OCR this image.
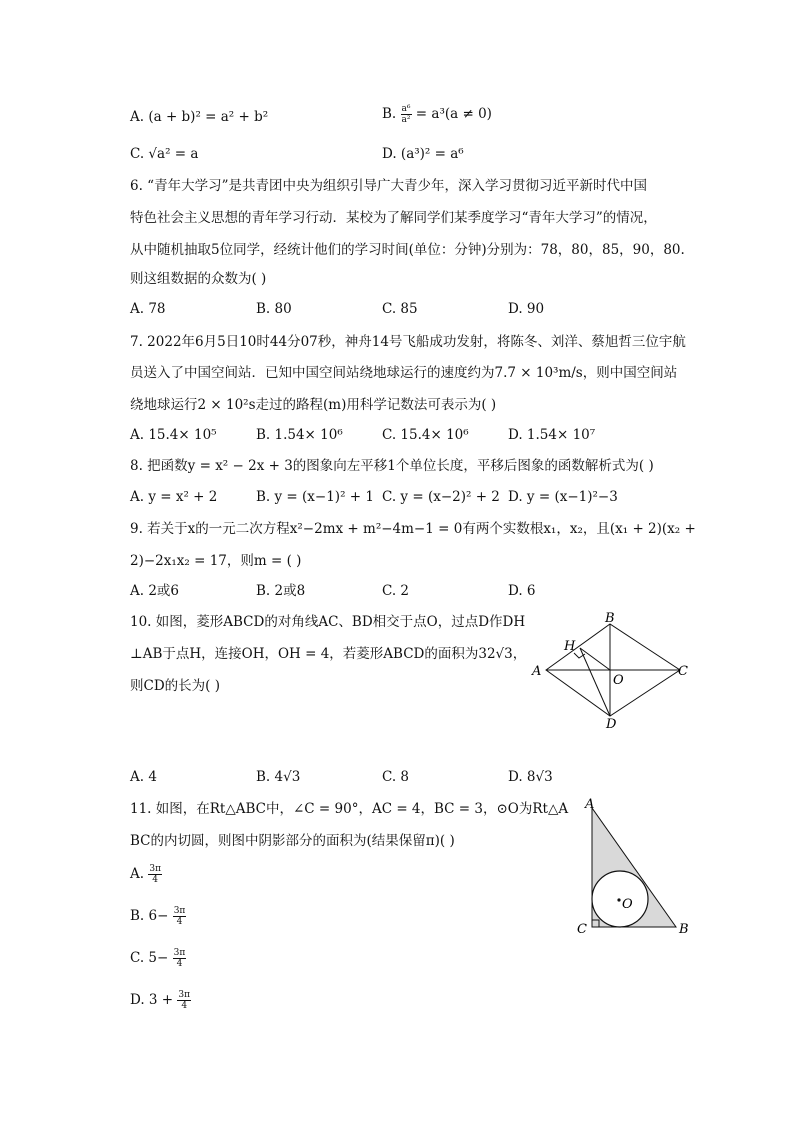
A. (a + b)² = a² + b²	B. $\frac{\text{a⁶}}{\text{a²}} = a^3(a \ne 0)$
C. √a² = a	D. (a³)² = a⁶
6. “青年大学习”是共青团中央为组织引导广大青少年，深入学习贯彻习近平新时代中国
特色社会主义思想的青年学习行动．某校为了解同学们某季度学习“青年大学习”的情况，
从中随机抽取5位同学，经统计他们的学习时间(单位：分钟)分别为：78，80，85，90，80.
则这组数据的众数为( )
A. 78	B. 80	C. 85	D. 90
7. 2022年6月5日10时44分07秒，神舟14号飞船成功发射，将陈冬、刘洋、蔡旭哲三位宇航
员送入了中国空间站．已知中国空间站绕地球运行的速度约为7.7 × 10³m/s，则中国空间站
绕地球运行2 × 10²s走过的路程(m)用科学记数法可表示为( )
A. 15.4× 10⁵	B. 1.54× 10⁶	C. 15.4× 10⁶	D. 1.54× 10⁷
8. 把函数y = x² − 2x + 3的图象向左平移1个单位长度，平移后图象的函数解析式为( )
A. y = x² + 2	B. y = (x−1)² + 1 C. y = (x−2)² + 2 D. y = (x−1)²−3
9. 若关于x的一元二次方程x²−2mx + m²−4m−1 = 0有两个实数根x₁，x₂，且(x₁ + 2)(x₂ +
2)−2x₁x₂ = 17，则m = ( )
A. 2或6	B. 2或8	C. 2	D. 6
10. 如图，菱形ABCD的对角线AC、BD相交于点O，过点D作DH
⊥AB于点H，连接OH，OH = 4，若菱形ABCD的面积为32√3，
则CD的长为( )
B
H
A
O
C
D
A. 4	B. 4√3	C. 8	D. 8√3
11. 如图，在Rt△ABC中，∠C = 90°，AC = 4，BC = 3，⊙O为Rt△A
BC的内切圆，则图中阴影部分的面积为(结果保留π)( )
A. $\frac{3\pi}{4}$
B. $6- \frac{3\pi}{4}$
C. $5- \frac{3\pi}{4}$
D. $3 + \frac{3\pi}{4}$
A
O
C	B
